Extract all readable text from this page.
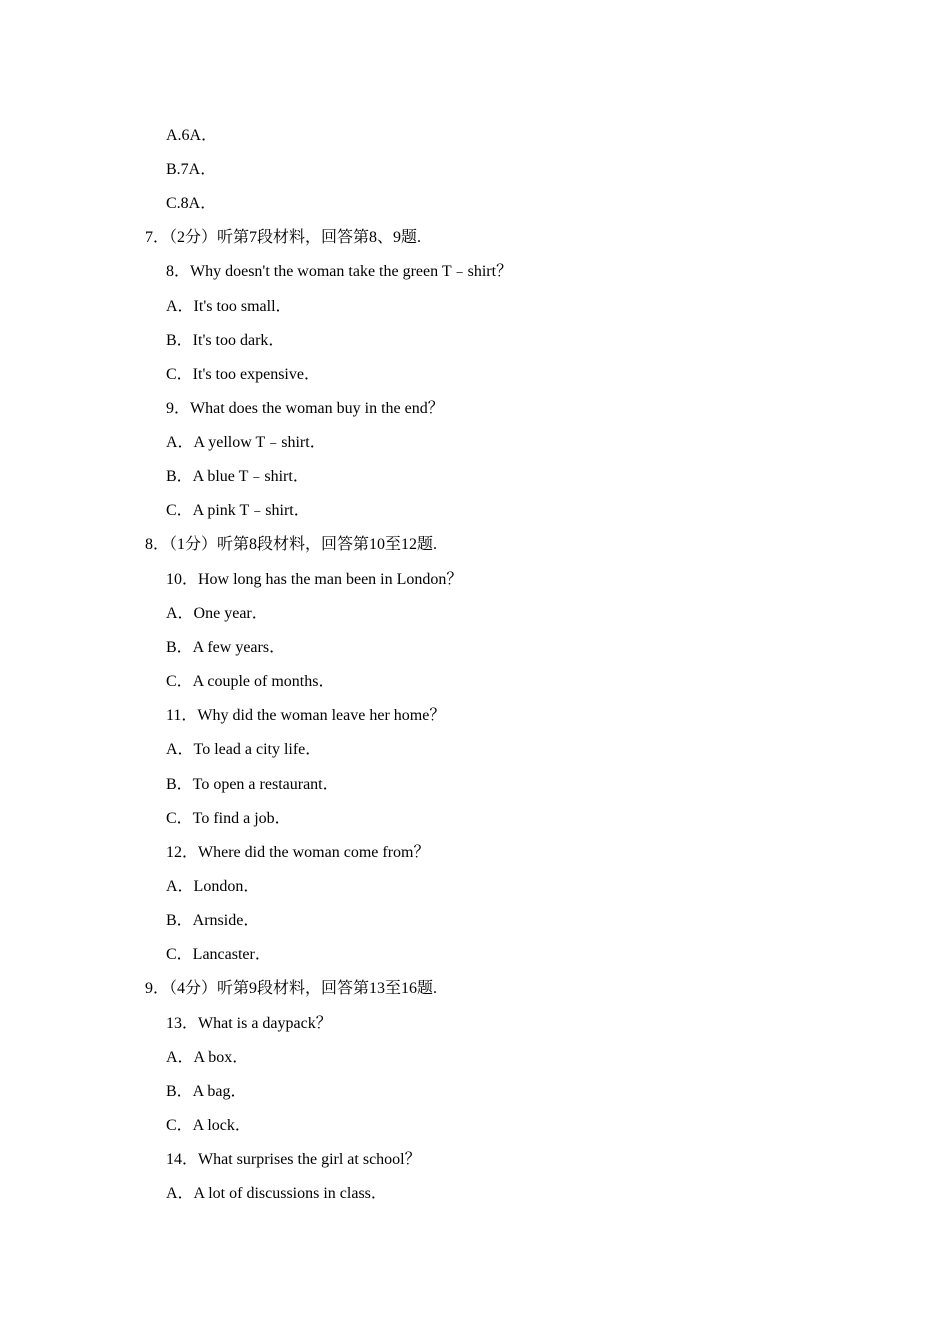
A.6A．
B.7A．
C.8A．
7．（2分）听第7段材料，回答第8、9题.
8．Why doesn't the woman take the green T﹣shirt？
A．It's too small．
B．It's too dark．
C．It's too expensive．
9．What does the woman buy in the end？
A．A yellow T﹣shirt．
B．A blue T﹣shirt．
C．A pink T﹣shirt．
8．（1分）听第8段材料，回答第10至12题.
10．How long has the man been in London？
A．One year．
B．A few years．
C．A couple of months．
11．Why did the woman leave her home？
A．To lead a city life．
B．To open a restaurant．
C．To find a job．
12．Where did the woman come from？
A．London．
B．Arnside．
C．Lancaster．
9．（4分）听第9段材料，回答第13至16题.
13．What is a daypack？
A．A box．
B．A bag．
C．A lock．
14．What surprises the girl at school？
A．A lot of discussions in class．
